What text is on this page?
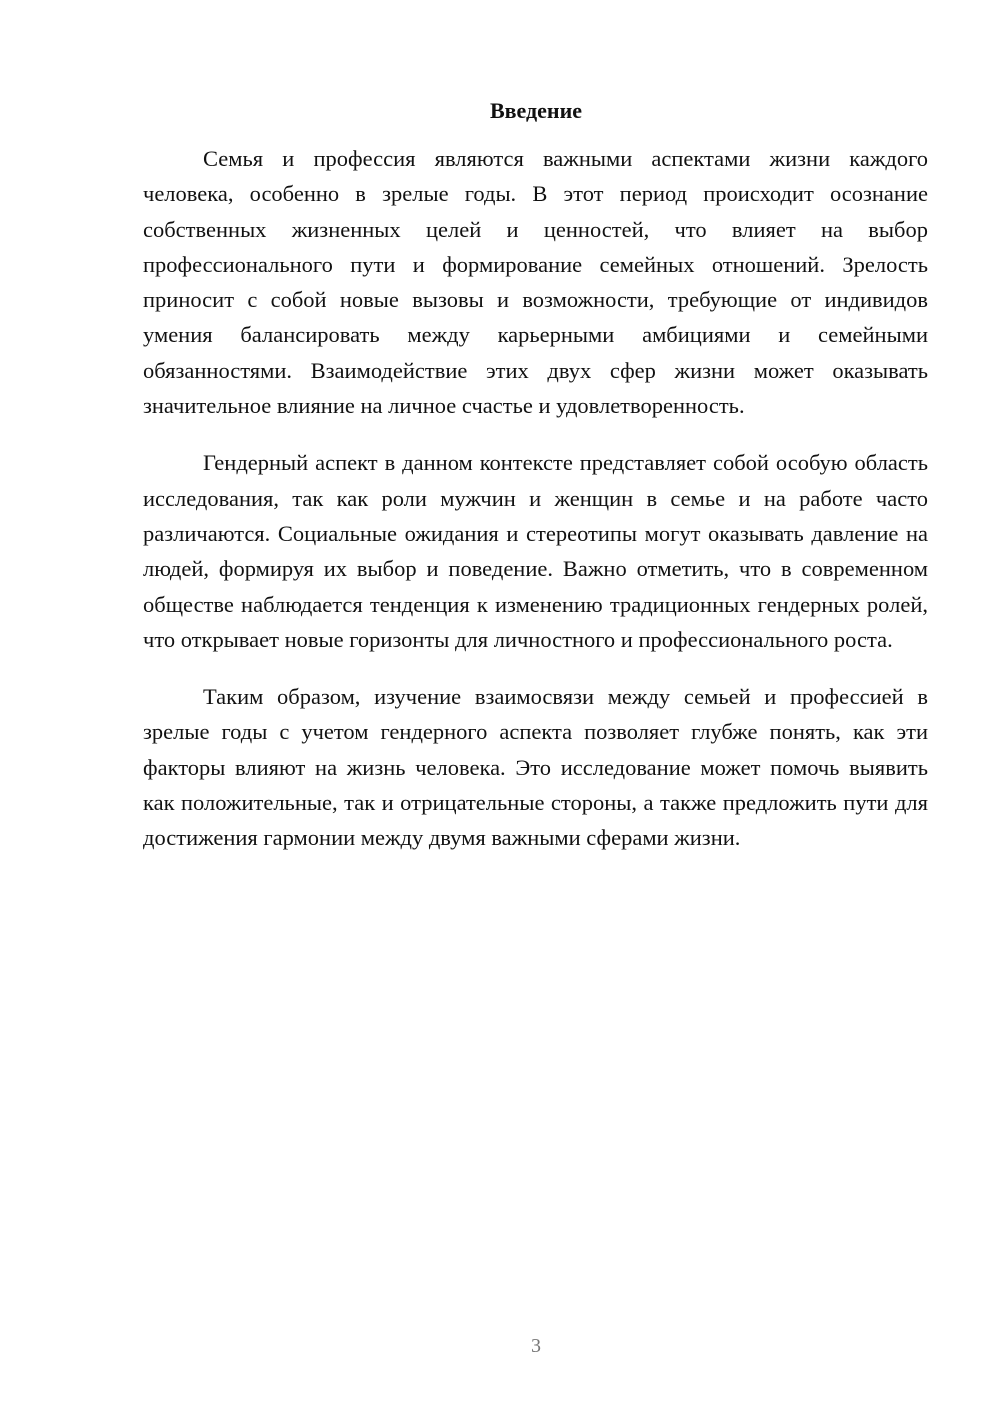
Введение

Семья и профессия являются важными аспектами жизни каждого человека, особенно в зрелые годы. В этот период происходит осознание собственных жизненных целей и ценностей, что влияет на выбор профессионального пути и формирование семейных отношений. Зрелость приносит с собой новые вызовы и возможности, требующие от индивидов умения балансировать между карьерными амбициями и семейными обязанностями. Взаимодействие этих двух сфер жизни может оказывать значительное влияние на личное счастье и удовлетворенность.

Гендерный аспект в данном контексте представляет собой особую область исследования, так как роли мужчин и женщин в семье и на работе часто различаются. Социальные ожидания и стереотипы могут оказывать давление на людей, формируя их выбор и поведение. Важно отметить, что в современном обществе наблюдается тенденция к изменению традиционных гендерных ролей, что открывает новые горизонты для личностного и профессионального роста.

Таким образом, изучение взаимосвязи между семьей и профессией в зрелые годы с учетом гендерного аспекта позволяет глубже понять, как эти факторы влияют на жизнь человека. Это исследование может помочь выявить как положительные, так и отрицательные стороны, а также предложить пути для достижения гармонии между двумя важными сферами жизни.

3
